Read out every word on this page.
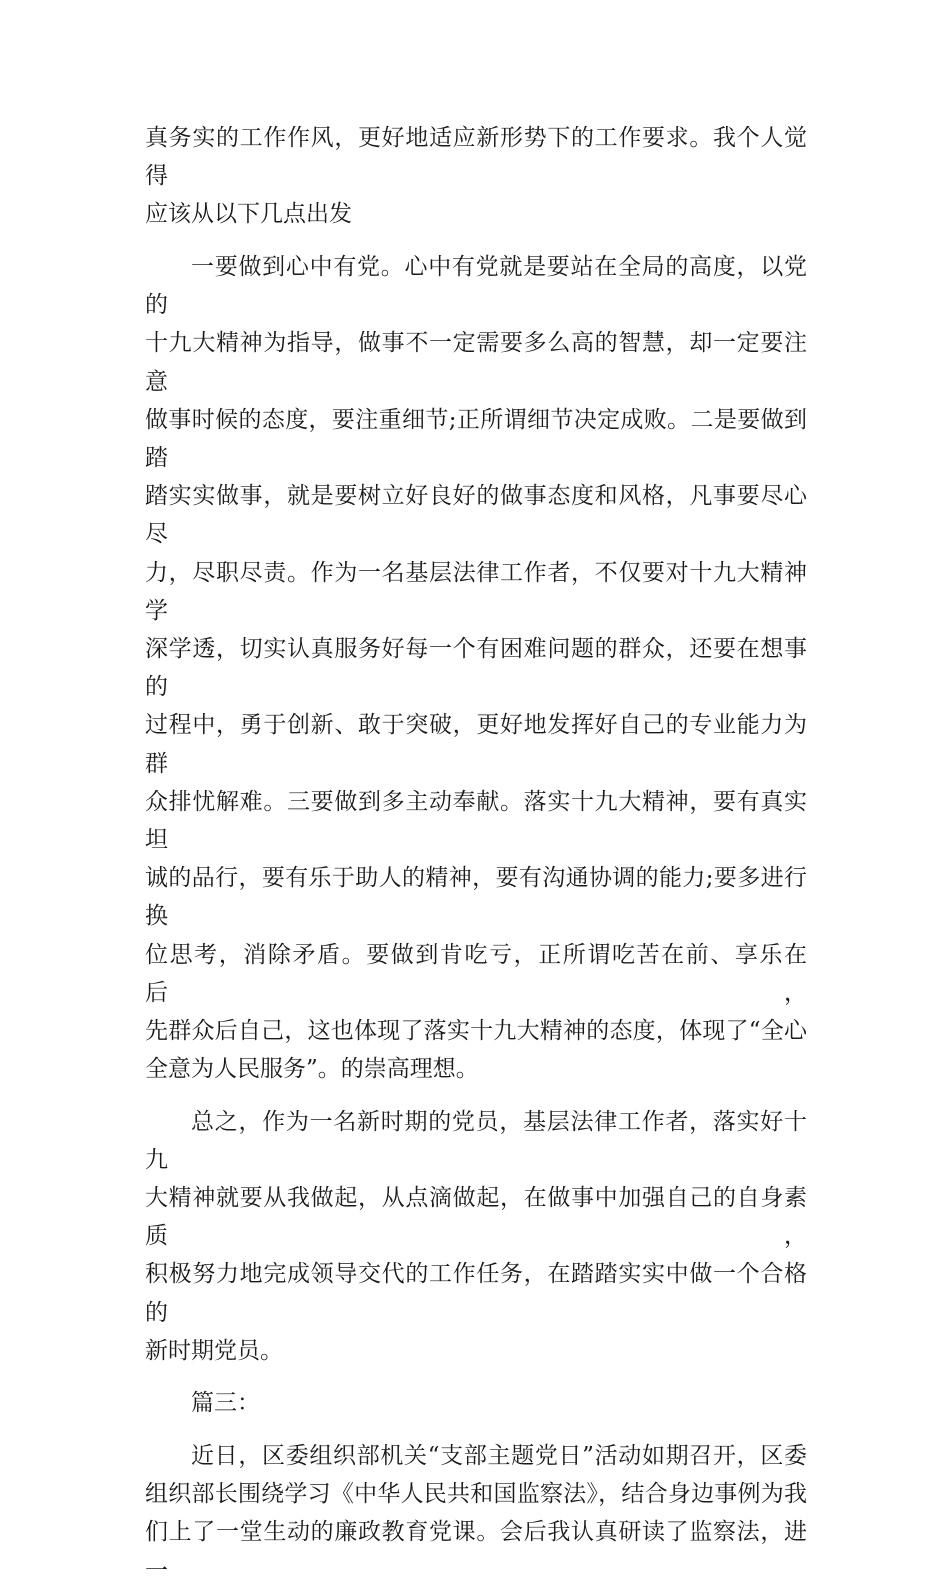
真务实的工作作风，更好地适应新形势下的工作要求。我个人觉得
应该从以下几点出发
一要做到心中有党。心中有党就是要站在全局的高度，以党的
十九大精神为指导，做事不一定需要多么高的智慧，却一定要注意
做事时候的态度，要注重细节;正所谓细节决定成败。二是要做到踏
踏实实做事，就是要树立好良好的做事态度和风格，凡事要尽心尽
力，尽职尽责。作为一名基层法律工作者，不仅要对十九大精神学
深学透，切实认真服务好每一个有困难问题的群众，还要在想事的
过程中，勇于创新、敢于突破，更好地发挥好自己的专业能力为群
众排忧解难。三要做到多主动奉献。落实十九大精神，要有真实坦
诚的品行，要有乐于助人的精神，要有沟通协调的能力;要多进行换
位思考，消除矛盾。要做到肯吃亏，正所谓吃苦在前、享乐在后，
先群众后自己，这也体现了落实十九大精神的态度，体现了“全心
全意为人民服务”。的崇高理想。
总之，作为一名新时期的党员，基层法律工作者，落实好十九
大精神就要从我做起，从点滴做起，在做事中加强自己的自身素质，
积极努力地完成领导交代的工作任务，在踏踏实实中做一个合格的
新时期党员。
篇三：
近日，区委组织部机关“支部主题党日”活动如期召开，区委
组织部长围绕学习《中华人民共和国监察法》，结合身边事例为我
们上了一堂生动的廉政教育党课。会后我认真研读了监察法，进一
